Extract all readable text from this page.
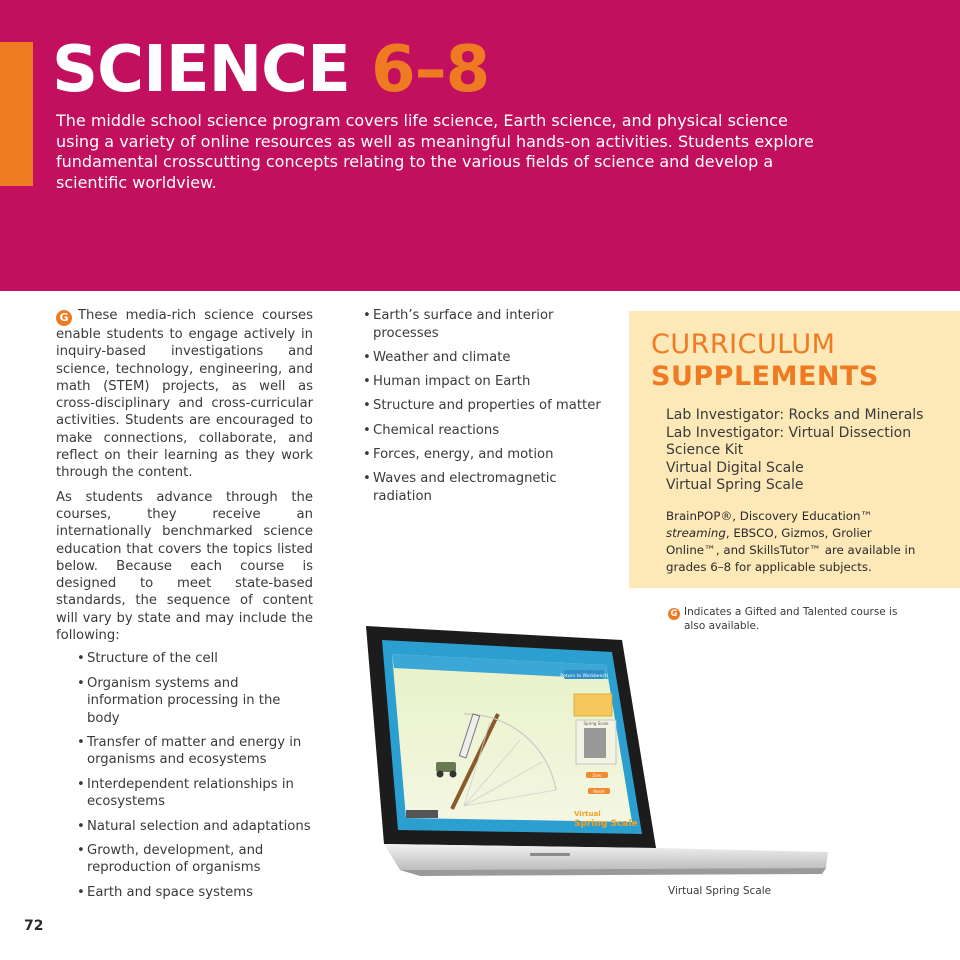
SCIENCE 6–8

The middle school science program covers life science, Earth science, and physical science using a variety of online resources as well as meaningful hands-on activities. Students explore fundamental crosscutting concepts relating to the various fields of science and develop a scientific worldview.

G These media-rich science courses enable students to engage actively in inquiry-based investigations and science, technology, engineering, and math (STEM) projects, as well as cross-disciplinary and cross-curricular activities. Students are encouraged to make connections, collaborate, and reflect on their learning as they work through the content.

As students advance through the courses, they receive an internationally benchmarked science education that covers the topics listed below. Because each course is designed to meet state-based standards, the sequence of content will vary by state and may include the following:

• Structure of the cell
• Organism systems and information processing in the body
• Transfer of matter and energy in organisms and ecosystems
• Interdependent relationships in ecosystems
• Natural selection and adaptations
• Growth, development, and reproduction of organisms
• Earth and space systems
• Earth’s surface and interior processes
• Weather and climate
• Human impact on Earth
• Structure and properties of matter
• Chemical reactions
• Forces, energy, and motion
• Waves and electromagnetic radiation
CURRICULUM
SUPPLEMENTS
Lab Investigator: Rocks and Minerals
Lab Investigator: Virtual Dissection
Science Kit
Virtual Digital Scale
Virtual Spring Scale

BrainPOP®, Discovery Education™ streaming, EBSCO, Gizmos, Grolier Online™, and SkillsTutor™ are available in grades 6–8 for applicable subjects.

G Indicates a Gifted and Talented course is
also available.
Return to Workbench
Spring Scale
Zero
Reset
Virtual
Spring Scale
Virtual Spring Scale
72
